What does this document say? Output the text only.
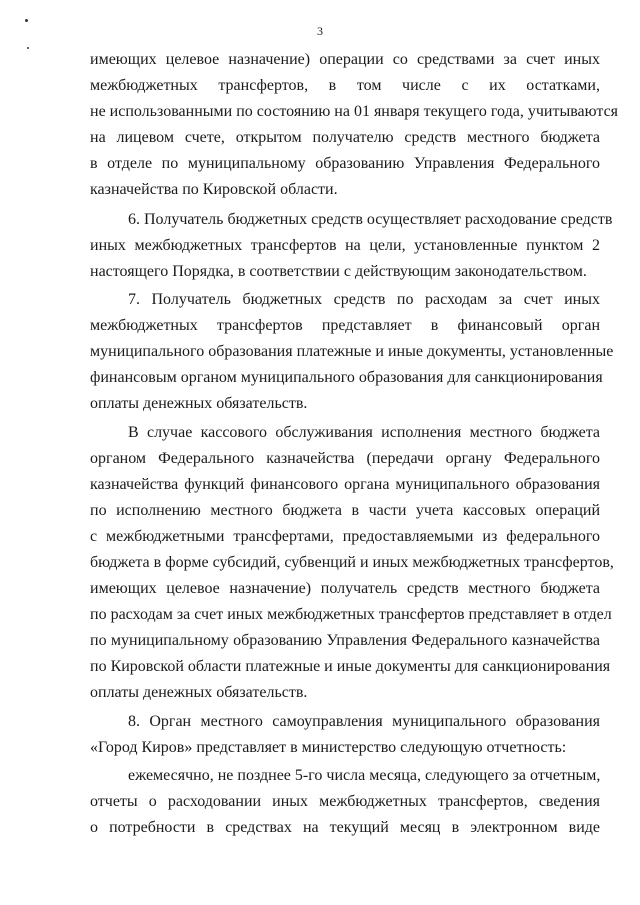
3
имеющих целевое назначение) операции со средствами за счет иных
межбюджетных трансфертов, в том числе с их остатками,
не использованными по состоянию на 01 января текущего года, учитываются
на лицевом счете, открытом получателю средств местного бюджета
в отделе по муниципальному образованию Управления Федерального
казначейства по Кировской области.
6. Получатель бюджетных средств осуществляет расходование средств
иных межбюджетных трансфертов на цели, установленные пунктом 2
настоящего Порядка, в соответствии с действующим законодательством.
7. Получатель бюджетных средств по расходам за счет иных
межбюджетных трансфертов представляет в финансовый орган
муниципального образования платежные и иные документы, установленные
финансовым органом муниципального образования для санкционирования
оплаты денежных обязательств.
В случае кассового обслуживания исполнения местного бюджета
органом Федерального казначейства (передачи органу Федерального
казначейства функций финансового органа муниципального образования
по исполнению местного бюджета в части учета кассовых операций
с межбюджетными трансфертами, предоставляемыми из федерального
бюджета в форме субсидий, субвенций и иных межбюджетных трансфертов,
имеющих целевое назначение) получатель средств местного бюджета
по расходам за счет иных межбюджетных трансфертов представляет в отдел
по муниципальному образованию Управления Федерального казначейства
по Кировской области платежные и иные документы для санкционирования
оплаты денежных обязательств.
8. Орган местного самоуправления муниципального образования
«Город Киров» представляет в министерство следующую отчетность:
ежемесячно, не позднее 5-го числа месяца, следующего за отчетным,
отчеты о расходовании иных межбюджетных трансфертов, сведения
о потребности в средствах на текущий месяц в электронном виде
